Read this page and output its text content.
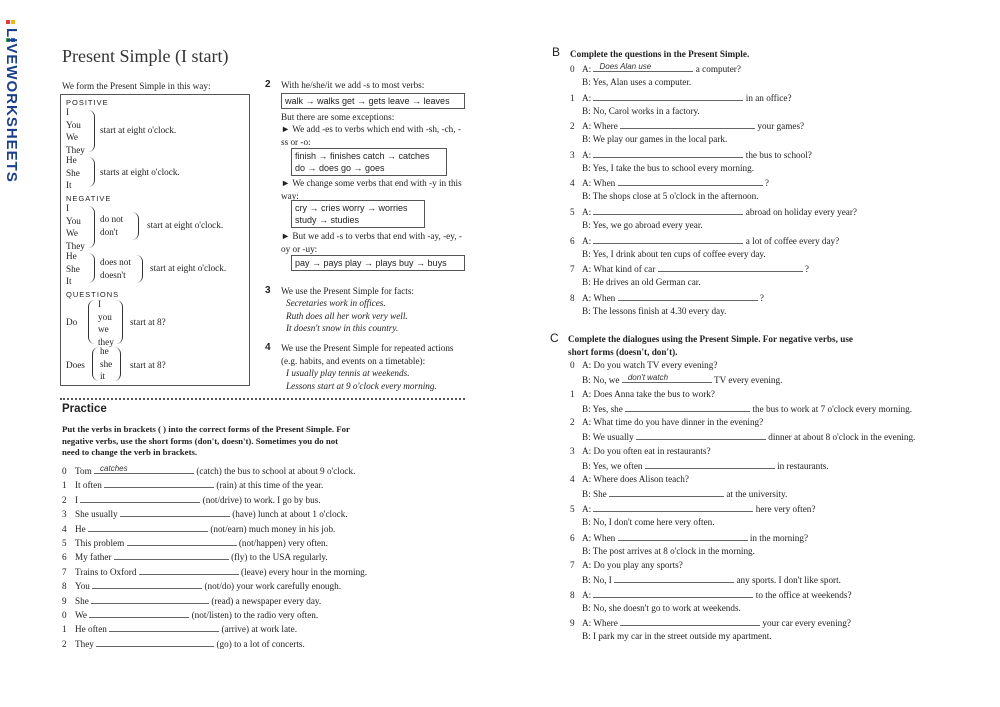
LIVEWORKSHEETS Present Simple (I start)
We form the Present Simple in this way:
POSITIVE
I
You
We
They
start at eight o'clock.
He
She
It
starts at eight o'clock.
NEGATIVE
I
You
We
They
do not
don't
start at eight o'clock.
He
She
It
does not
doesn't
start at eight o'clock.
QUESTIONS
Do
I
you
we
they
start at 8?
Does
he
she
it
start at 8?
2 With he/she/it we add -s to most verbs:
walk → walks get → gets leave → leaves
But there are some exceptions:
► We add -es to verbs which end with -sh, -ch, -ss or -o:
finish → finishes catch → catches
do → does go → goes
► We change some verbs that end with -y in this way:
cry → cries worry → worries
study → studies
► But we add -s to verbs that end with -ay, -ey, -oy or -uy:
pay → pays play → plays buy → buys
3 We use the Present Simple for facts:
Secretaries work in offices.
Ruth does all her work very well.
It doesn't snow in this country.
4 We use the Present Simple for repeated actions
(e.g. habits, and events on a timetable):
I usually play tennis at weekends.
Lessons start at 9 o'clock every morning.
Practice
Put the verbs in brackets ( ) into the correct forms of the Present Simple. For
negative verbs, use the short forms (don't, doesn't). Sometimes you do not
need to change the verb in brackets.
0 Tom catches	(catch) the bus to school at about 9 o'clock.
1 It often	(rain) at this time of the year.
2 I	(not/drive) to work. I go by bus.
3 She usually	(have) lunch at about 1 o'clock.
4 He	(not/earn) much money in his job.
5 This problem	(not/happen) very often.
6 My father	(fly) to the USA regularly.
7 Trains to Oxford	(leave) every hour in the morning.
8 You	(not/do) your work carefully enough.
9 She	(read) a newspaper every day.
0 We	(not/listen) to the radio very often.
1 He often	(arrive) at work late.
2 They	(go) to a lot of concerts.
B Complete the questions in the Present Simple.
0 A: Does Alan use	a computer?
B: Yes, Alan uses a computer.
1 A:	in an office?
B: No, Carol works in a factory.
2 A: Where	your games?
B: We play our games in the local park.
3 A:	the bus to school?
B: Yes, I take the bus to school every morning.
4 A: When	?
B: The shops close at 5 o'clock in the afternoon.
5 A:	abroad on holiday every year?
B: Yes, we go abroad every year.
6 A:	a lot of coffee every day?
B: Yes, I drink about ten cups of coffee every day.
7 A: What kind of car	?
B: He drives an old German car.
8 A: When	?
B: The lessons finish at 4.30 every day.
C Complete the dialogues using the Present Simple. For negative verbs, use
short forms (doesn't, don't).
0 A: Do you watch TV every evening?
B: No, we don't watch	TV every evening.
1 A: Does Anna take the bus to work?
B: Yes, she	the bus to work at 7 o'clock every morning.
2 A: What time do you have dinner in the evening?
B: We usually	dinner at about 8 o'clock in the evening.
3 A: Do you often eat in restaurants?
B: Yes, we often	in restaurants.
4 A: Where does Alison teach?
B: She	at the university.
5 A:	here very often?
B: No, I don't come here very often.
6 A: When	in the morning?
B: The post arrives at 8 o'clock in the morning.
7 A: Do you play any sports?
B: No, I	any sports. I don't like sport.
8 A:	to the office at weekends?
B: No, she doesn't go to work at weekends.
9 A: Where	your car every evening?
B: I park my car in the street outside my apartment.
